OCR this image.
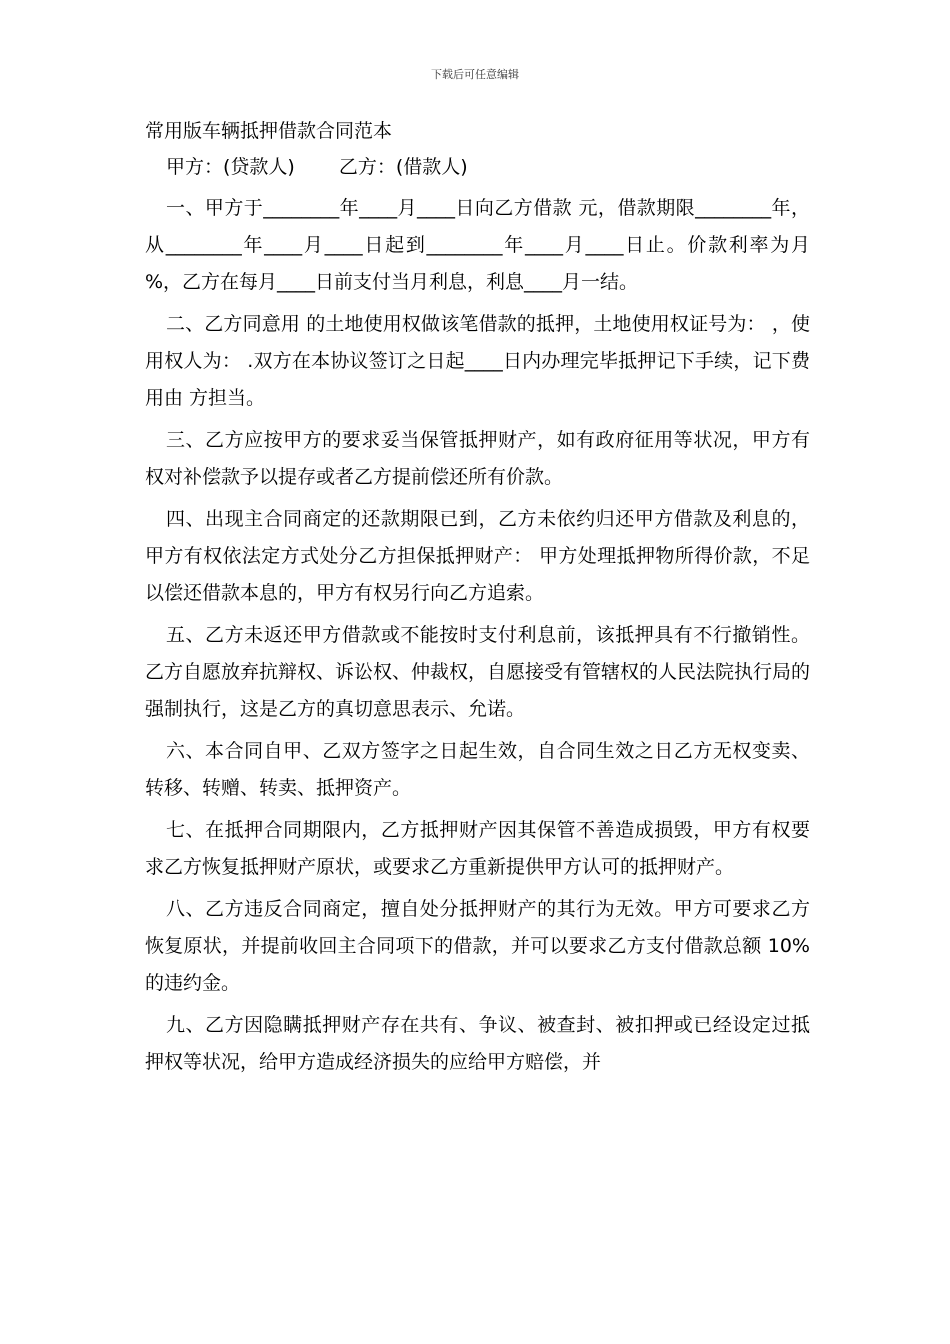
下载后可任意编辑

常用版车辆抵押借款合同范本

甲方：(贷款人) 乙方：(借款人)

一、甲方于________年____月____日向乙方借款 元，借款期限________年，从________年____月____日起到________年____月____日止。价款利率为月 %，乙方在每月____日前支付当月利息，利息____月一结。

二、乙方同意用 的土地使用权做该笔借款的抵押，土地使用权证号为： ，使用权人为： .双方在本协议签订之日起____日内办理完毕抵押记下手续，记下费用由 方担当。

三、乙方应按甲方的要求妥当保管抵押财产，如有政府征用等状况，甲方有权对补偿款予以提存或者乙方提前偿还所有价款。

四、出现主合同商定的还款期限已到，乙方未依约归还甲方借款及利息的，甲方有权依法定方式处分乙方担保抵押财产： 甲方处理抵押物所得价款，不足以偿还借款本息的，甲方有权另行向乙方追索。

五、乙方未返还甲方借款或不能按时支付利息前，该抵押具有不行撤销性。乙方自愿放弃抗辩权、诉讼权、仲裁权，自愿接受有管辖权的人民法院执行局的强制执行，这是乙方的真切意思表示、允诺。

六、本合同自甲、乙双方签字之日起生效，自合同生效之日乙方无权变卖、转移、转赠、转卖、抵押资产。

七、在抵押合同期限内，乙方抵押财产因其保管不善造成损毁，甲方有权要求乙方恢复抵押财产原状，或要求乙方重新提供甲方认可的抵押财产。

八、乙方违反合同商定，擅自处分抵押财产的其行为无效。甲方可要求乙方恢复原状，并提前收回主合同项下的借款，并可以要求乙方支付借款总额 10%的违约金。

九、乙方因隐瞒抵押财产存在共有、争议、被查封、被扣押或已经设定过抵押权等状况，给甲方造成经济损失的应给甲方赔偿，并
